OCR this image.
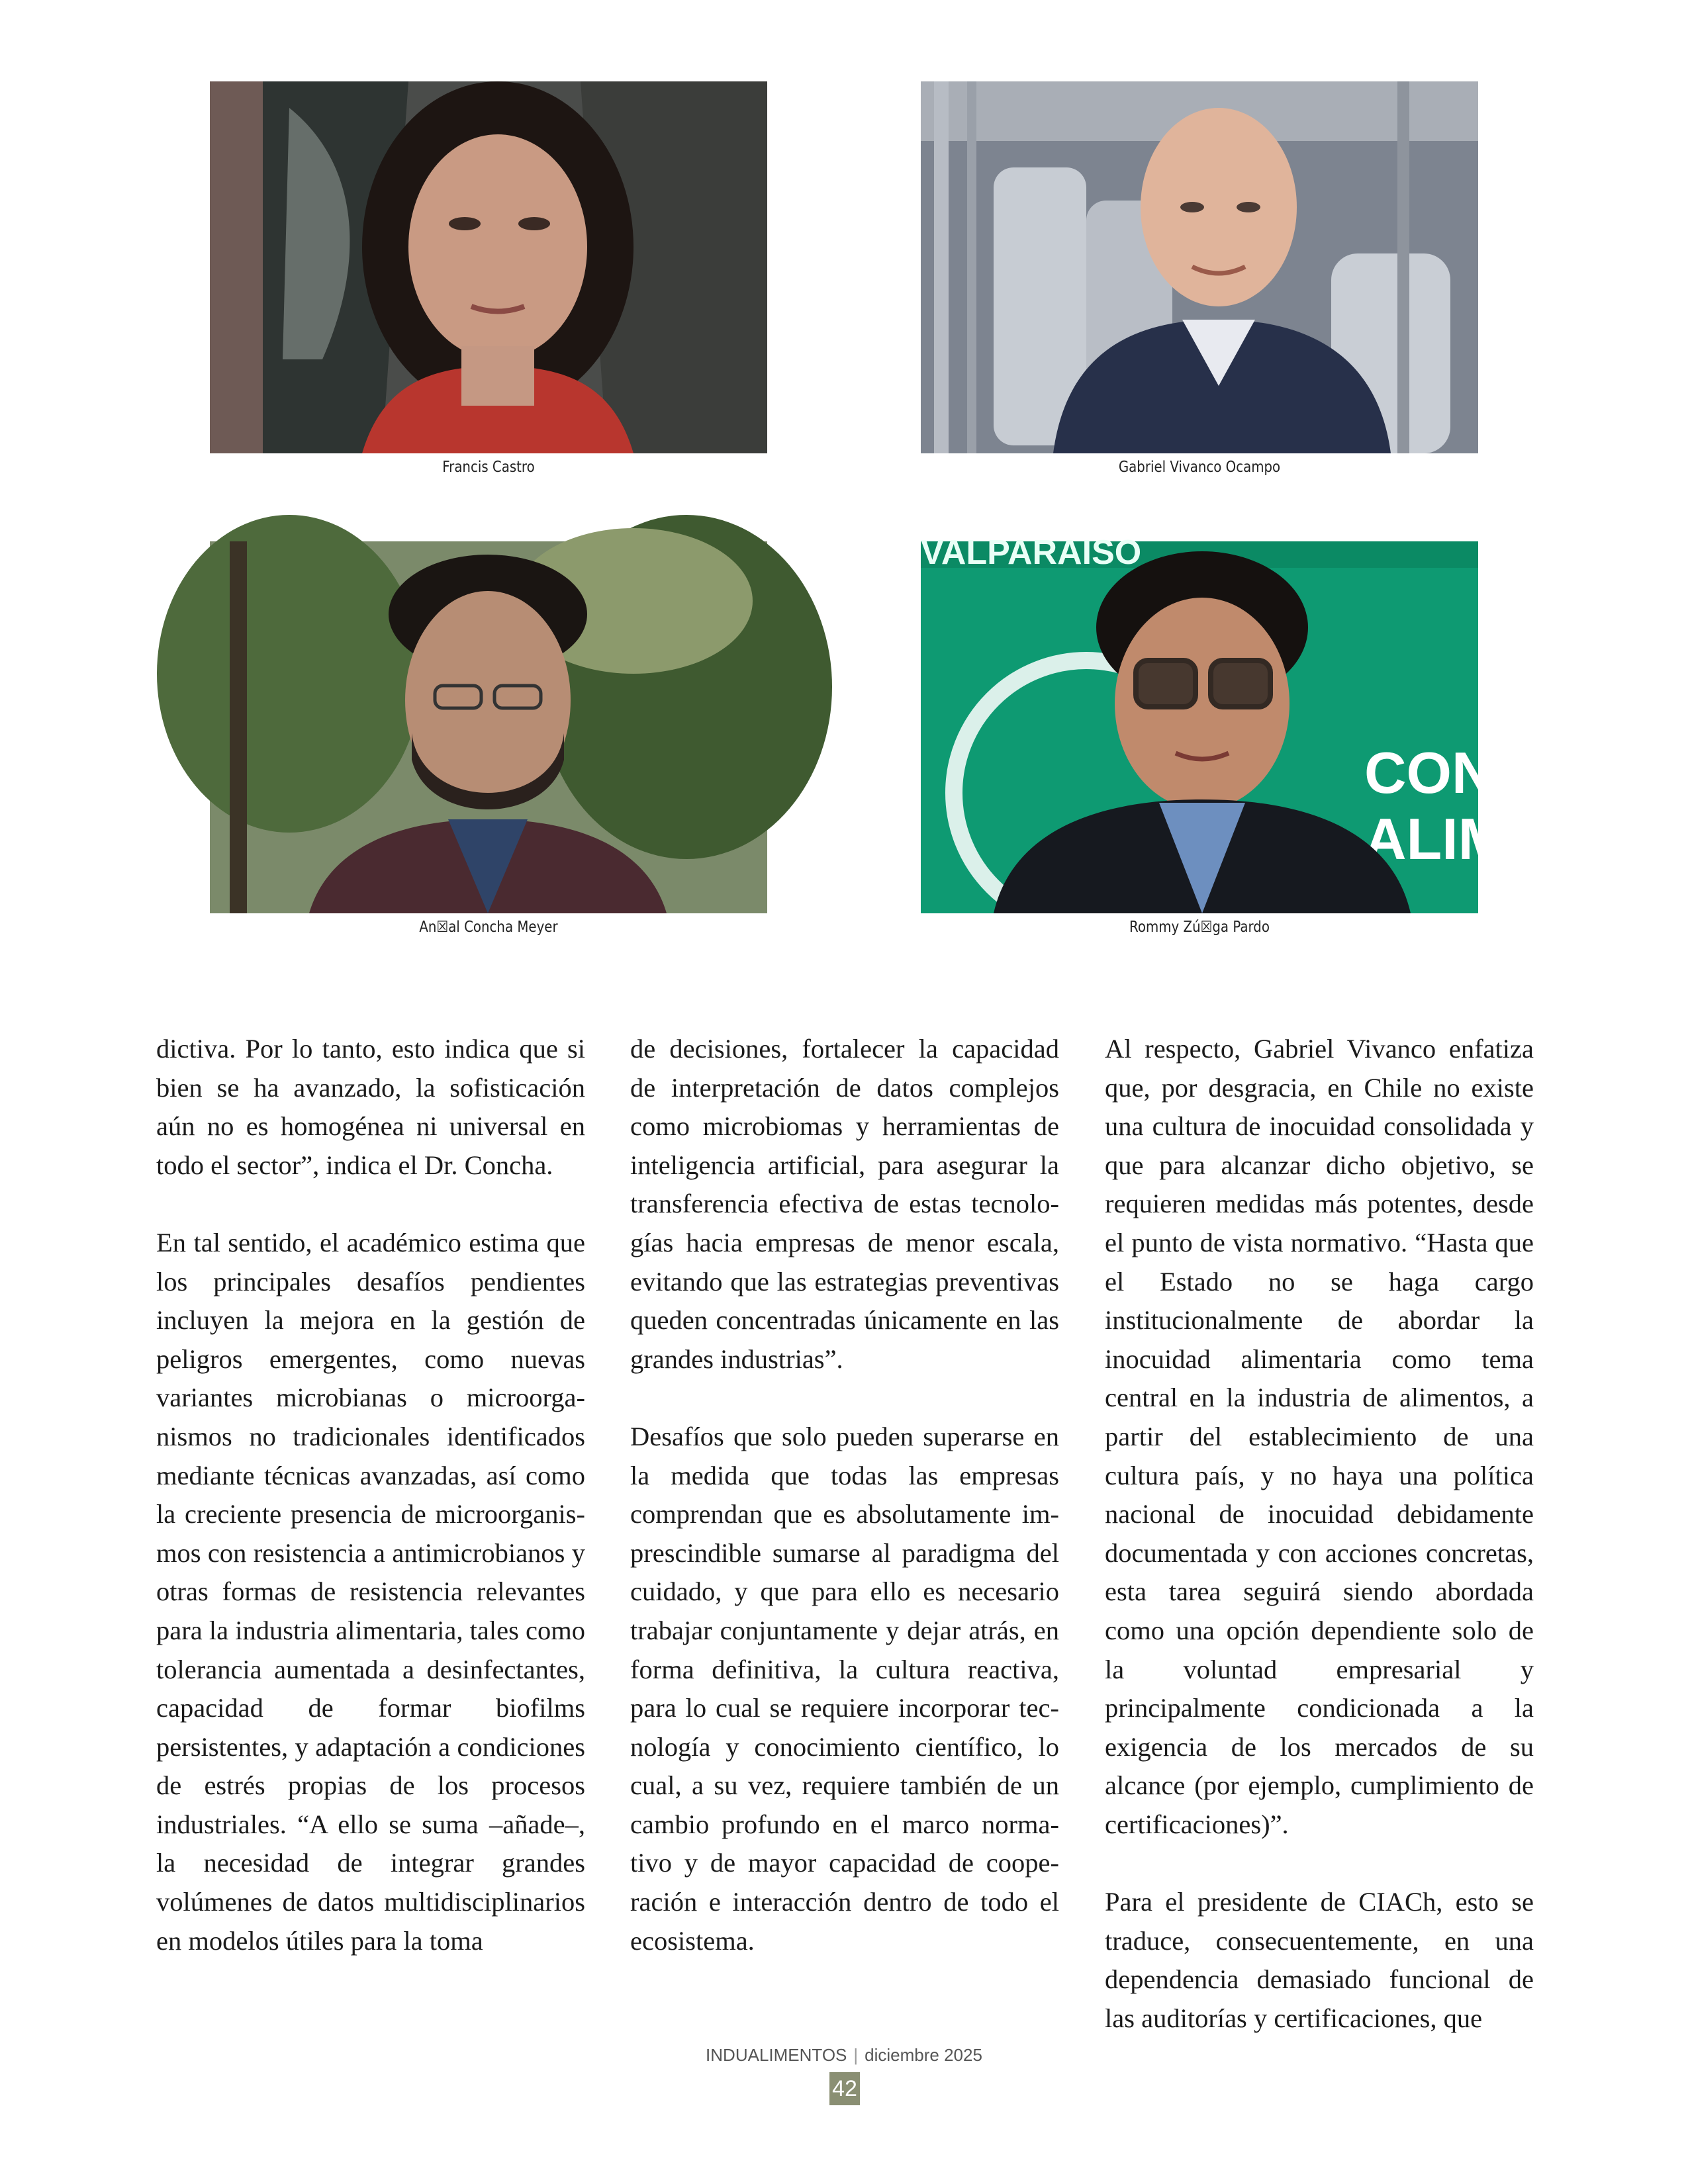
Francis Castro	Gabriel Vivanco Ocampo
An☒al Concha Meyer
VALPARAISO
CONG
ALIM
Rommy Zú☒ga Pardo

dictiva. Por lo tanto, esto indica que si bien se ha avanzado, la sofisticación aún no es homogénea ni universal en todo el sector”, indica el Dr. Concha.

En tal sentido, el académico estima que los principales desafíos pendientes incluyen la mejora en la gestión de peligros emergentes, como nuevas variantes microbianas o microorganismos no tradicionales identificados mediante técnicas avanzadas, así como la creciente presencia de microorganismos con resistencia a antimicrobianos y otras formas de resistencia relevantes para la industria alimentaria, tales como tolerancia aumentada a desinfectantes, capacidad de formar biofilms persistentes, y adaptación a condiciones de estrés propias de los procesos industriales. “A ello se suma –añade–, la necesidad de integrar grandes volúmenes de datos multidisciplinarios en modelos útiles para la toma

de decisiones, fortalecer la capacidad de interpretación de datos complejos como microbiomas y herramientas de inteligencia artificial, para asegurar la transferencia efectiva de estas tecnologías hacia empresas de menor escala, evitando que las estrategias preventivas queden concentradas únicamente en las grandes industrias”.

Desafíos que solo pueden superarse en la medida que todas las empresas comprendan que es absolutamente imprescindible sumarse al paradigma del cuidado, y que para ello es necesario trabajar conjuntamente y dejar atrás, en forma definitiva, la cultura reactiva, para lo cual se requiere incorporar tecnología y conocimiento científico, lo cual, a su vez, requiere también de un cambio profundo en el marco normativo y de mayor capacidad de cooperación e interacción dentro de todo el ecosistema.

Al respecto, Gabriel Vivanco enfatiza que, por desgracia, en Chile no existe una cultura de inocuidad consolidada y que para alcanzar dicho objetivo, se requieren medidas más potentes, desde el punto de vista normativo. “Hasta que el Estado no se haga cargo institucionalmente de abordar la inocuidad alimentaria como tema central en la industria de alimentos, a partir del establecimiento de una cultura país, y no haya una política nacional de inocuidad debidamente documentada y con acciones concretas, esta tarea seguirá siendo abordada como una opción dependiente solo de la voluntad empresarial y principalmente condicionada a la exigencia de los mercados de su alcance (por ejemplo, cumplimiento de certificaciones)”.

Para el presidente de CIACh, esto se traduce, consecuentemente, en una dependencia demasiado funcional de las auditorías y certificaciones, que

INDUALIMENTOS | diciembre 2025
42
